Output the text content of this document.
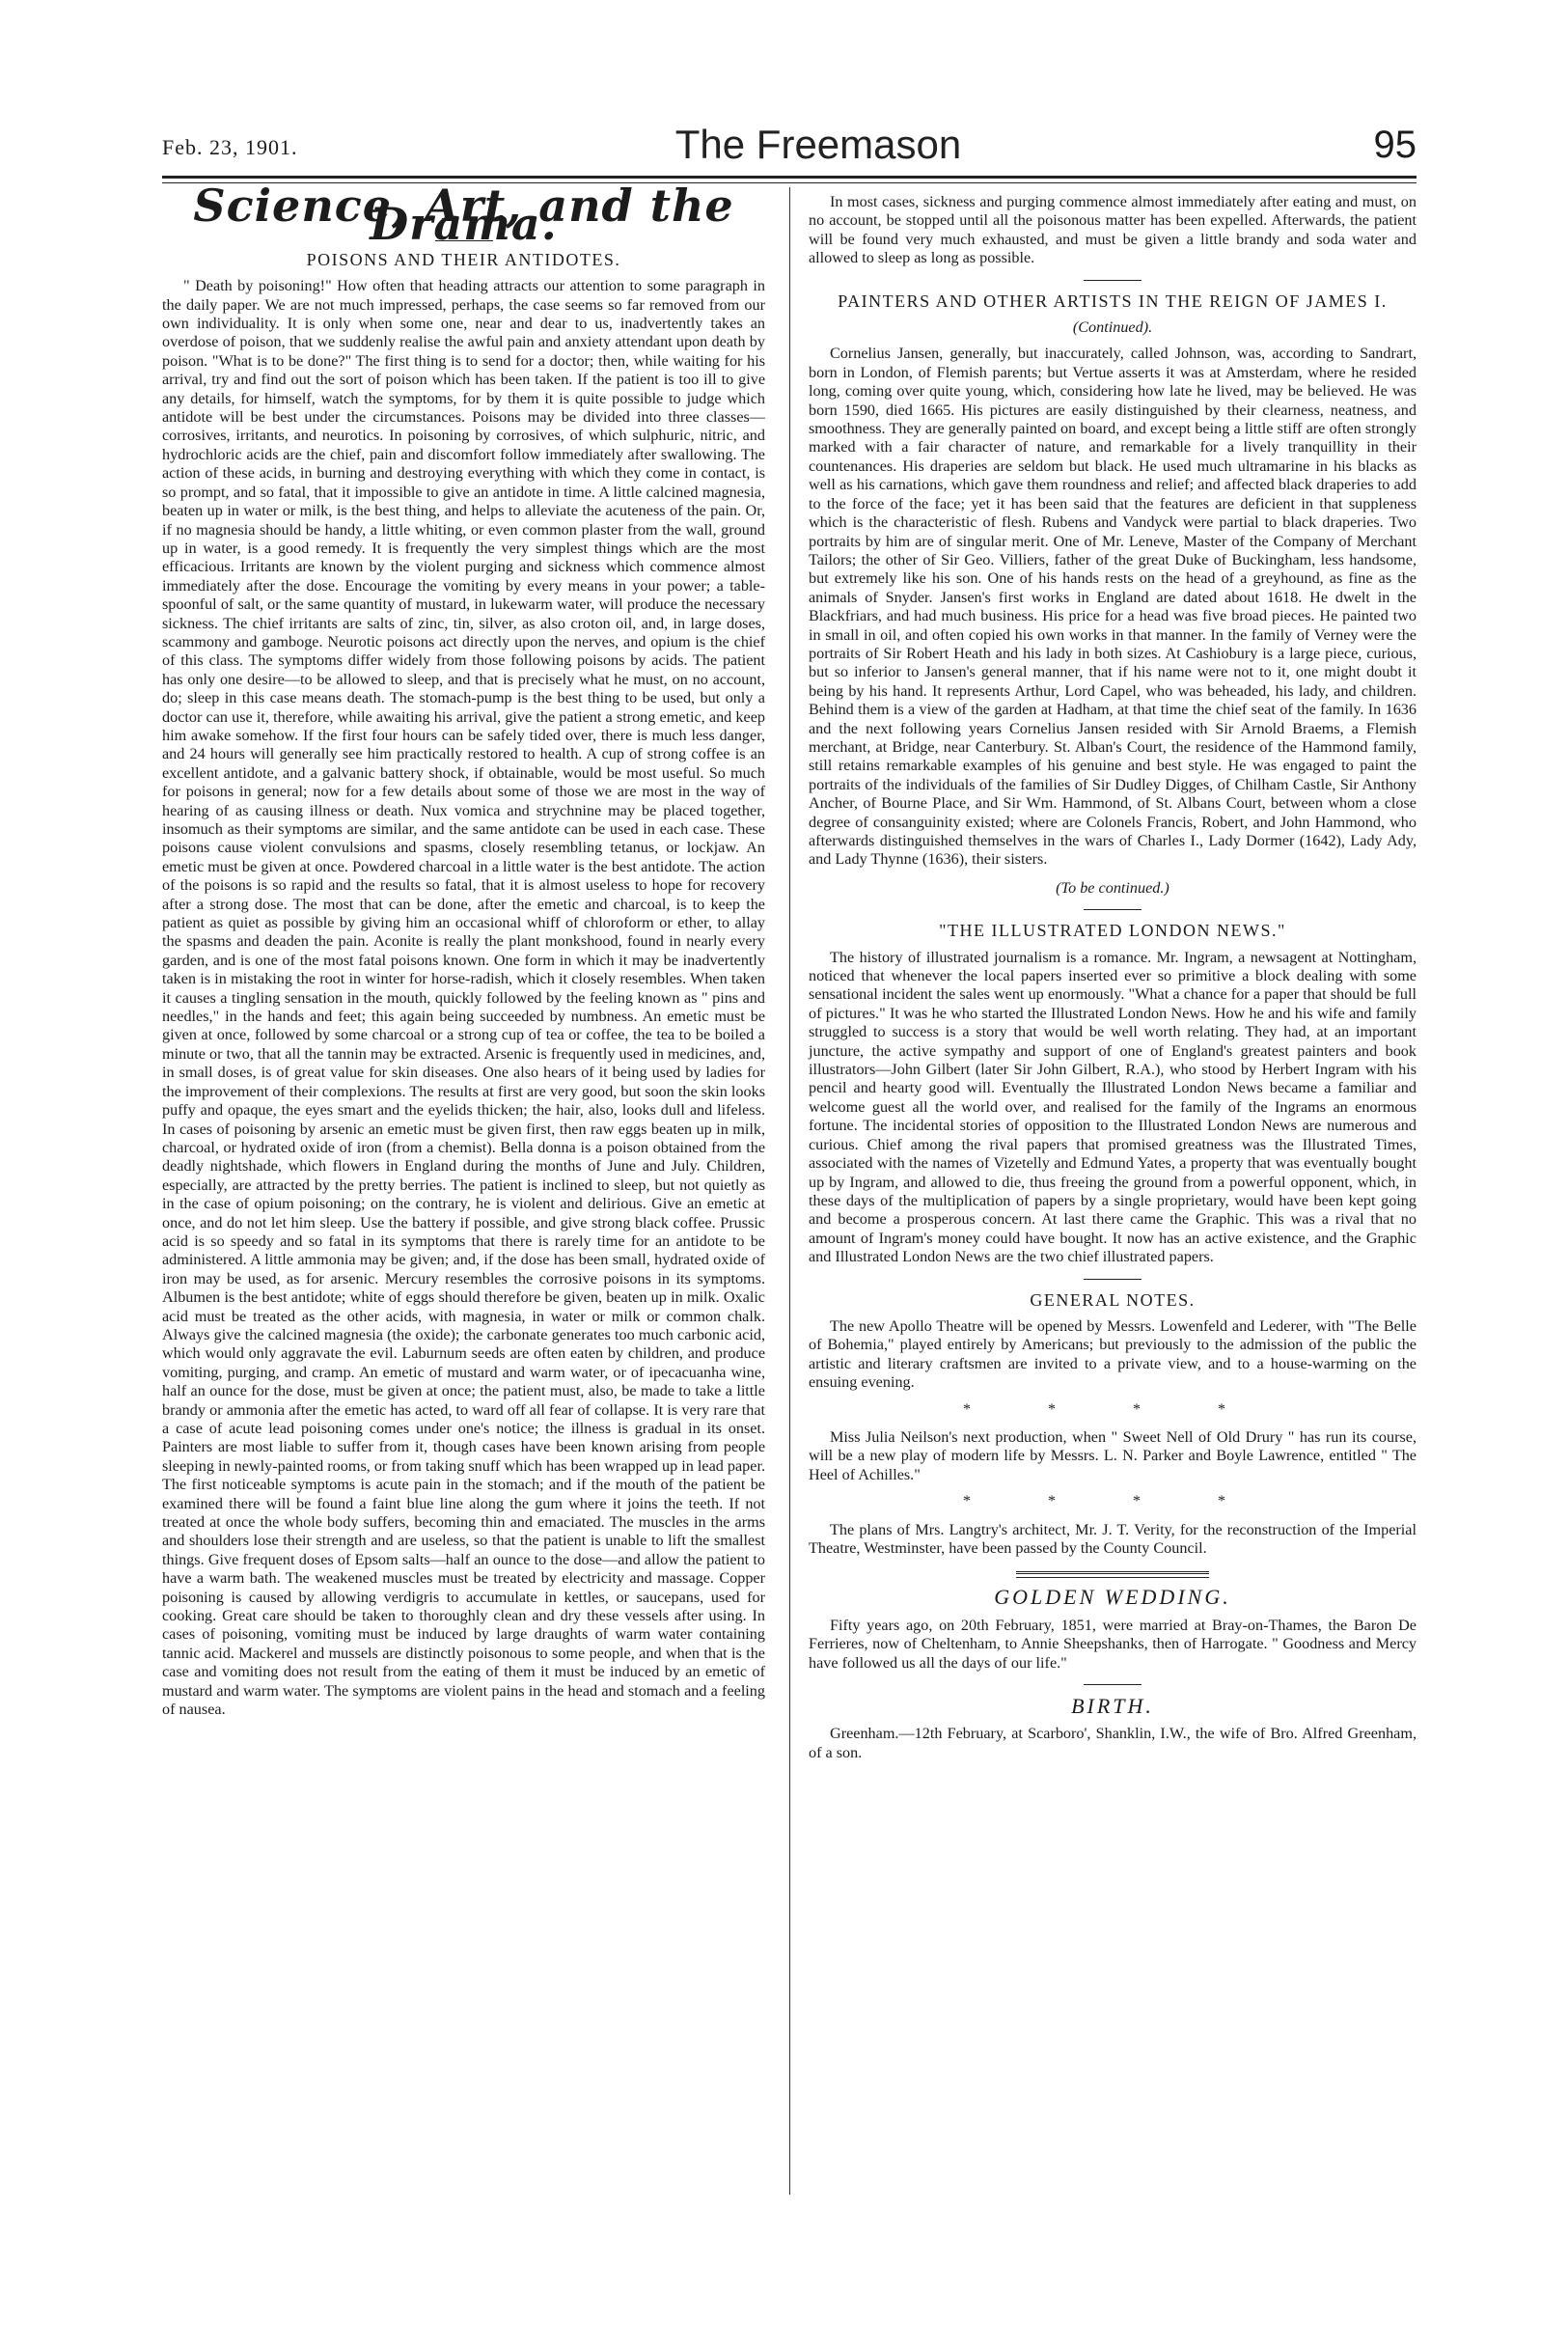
Feb. 23, 1901.	The Freemason	95
Science, Art, and the Drama.
POISONS AND THEIR ANTIDOTES.

" Death by poisoning!" How often that heading attracts our attention to some paragraph in the daily paper. We are not much impressed, perhaps, the case seems so far removed from our own individuality. It is only when some one, near and dear to us, inadvertently takes an overdose of poison, that we suddenly realise the awful pain and anxiety attendant upon death by poison. "What is to be done?" The first thing is to send for a doctor; then, while waiting for his arrival, try and find out the sort of poison which has been taken. If the patient is too ill to give any details, for himself, watch the symptoms, for by them it is quite possible to judge which antidote will be best under the circumstances. Poisons may be divided into three classes—corrosives, irritants, and neurotics. In poisoning by corrosives, of which sulphuric, nitric, and hydrochloric acids are the chief, pain and discomfort follow immediately after swallowing. The action of these acids, in burning and destroying everything with which they come in contact, is so prompt, and so fatal, that it impossible to give an antidote in time. A little calcined magnesia, beaten up in water or milk, is the best thing, and helps to alleviate the acuteness of the pain. Or, if no magnesia should be handy, a little whiting, or even common plaster from the wall, ground up in water, is a good remedy. It is frequently the very simplest things which are the most efficacious. Irritants are known by the violent purging and sickness which commence almost immediately after the dose. Encourage the vomiting by every means in your power; a table-spoonful of salt, or the same quantity of mustard, in lukewarm water, will produce the necessary sickness. The chief irritants are salts of zinc, tin, silver, as also croton oil, and, in large doses, scammony and gamboge. Neurotic poisons act directly upon the nerves, and opium is the chief of this class. The symptoms differ widely from those following poisons by acids. The patient has only one desire—to be allowed to sleep, and that is precisely what he must, on no account, do; sleep in this case means death. The stomach-pump is the best thing to be used, but only a doctor can use it, therefore, while awaiting his arrival, give the patient a strong emetic, and keep him awake somehow. If the first four hours can be safely tided over, there is much less danger, and 24 hours will generally see him practically restored to health. A cup of strong coffee is an excellent antidote, and a galvanic battery shock, if obtainable, would be most useful. So much for poisons in general; now for a few details about some of those we are most in the way of hearing of as causing illness or death. Nux vomica and strychnine may be placed together, insomuch as their symptoms are similar, and the same antidote can be used in each case. These poisons cause violent convulsions and spasms, closely resembling tetanus, or lockjaw. An emetic must be given at once. Powdered charcoal in a little water is the best antidote. The action of the poisons is so rapid and the results so fatal, that it is almost useless to hope for recovery after a strong dose. The most that can be done, after the emetic and charcoal, is to keep the patient as quiet as possible by giving him an occasional whiff of chloroform or ether, to allay the spasms and deaden the pain. Aconite is really the plant monkshood, found in nearly every garden, and is one of the most fatal poisons known. One form in which it may be inadvertently taken is in mistaking the root in winter for horse-radish, which it closely resembles. When taken it causes a tingling sensation in the mouth, quickly followed by the feeling known as " pins and needles," in the hands and feet; this again being succeeded by numbness. An emetic must be given at once, followed by some charcoal or a strong cup of tea or coffee, the tea to be boiled a minute or two, that all the tannin may be extracted. Arsenic is frequently used in medicines, and, in small doses, is of great value for skin diseases. One also hears of it being used by ladies for the improvement of their complexions. The results at first are very good, but soon the skin looks puffy and opaque, the eyes smart and the eyelids thicken; the hair, also, looks dull and lifeless. In cases of poisoning by arsenic an emetic must be given first, then raw eggs beaten up in milk, charcoal, or hydrated oxide of iron (from a chemist). Bella donna is a poison obtained from the deadly nightshade, which flowers in England during the months of June and July. Children, especially, are attracted by the pretty berries. The patient is inclined to sleep, but not quietly as in the case of opium poisoning; on the contrary, he is violent and delirious. Give an emetic at once, and do not let him sleep. Use the battery if possible, and give strong black coffee. Prussic acid is so speedy and so fatal in its symptoms that there is rarely time for an antidote to be administered. A little ammonia may be given; and, if the dose has been small, hydrated oxide of iron may be used, as for arsenic. Mercury resembles the corrosive poisons in its symptoms. Albumen is the best antidote; white of eggs should therefore be given, beaten up in milk. Oxalic acid must be treated as the other acids, with magnesia, in water or milk or common chalk. Always give the calcined magnesia (the oxide); the carbonate generates too much carbonic acid, which would only aggravate the evil. Laburnum seeds are often eaten by children, and produce vomiting, purging, and cramp. An emetic of mustard and warm water, or of ipecacuanha wine, half an ounce for the dose, must be given at once; the patient must, also, be made to take a little brandy or ammonia after the emetic has acted, to ward off all fear of collapse. It is very rare that a case of acute lead poisoning comes under one's notice; the illness is gradual in its onset. Painters are most liable to suffer from it, though cases have been known arising from people sleeping in newly-painted rooms, or from taking snuff which has been wrapped up in lead paper. The first noticeable symptoms is acute pain in the stomach; and if the mouth of the patient be examined there will be found a faint blue line along the gum where it joins the teeth. If not treated at once the whole body suffers, becoming thin and emaciated. The muscles in the arms and shoulders lose their strength and are useless, so that the patient is unable to lift the smallest things. Give frequent doses of Epsom salts—half an ounce to the dose—and allow the patient to have a warm bath. The weakened muscles must be treated by electricity and massage. Copper poisoning is caused by allowing verdigris to accumulate in kettles, or saucepans, used for cooking. Great care should be taken to thoroughly clean and dry these vessels after using. In cases of poisoning, vomiting must be induced by large draughts of warm water containing tannic acid. Mackerel and mussels are distinctly poisonous to some people, and when that is the case and vomiting does not result from the eating of them it must be induced by an emetic of mustard and warm water. The symptoms are violent pains in the head and stomach and a feeling of nausea.

In most cases, sickness and purging commence almost immediately after eating and must, on no account, be stopped until all the poisonous matter has been expelled. Afterwards, the patient will be found very much exhausted, and must be given a little brandy and soda water and allowed to sleep as long as possible.

PAINTERS AND OTHER ARTISTS IN THE REIGN OF JAMES I.
(Continued).

Cornelius Jansen, generally, but inaccurately, called Johnson, was, according to Sandrart, born in London, of Flemish parents; but Vertue asserts it was at Amsterdam, where he resided long, coming over quite young, which, considering how late he lived, may be believed. He was born 1590, died 1665. His pictures are easily distinguished by their clearness, neatness, and smoothness. They are generally painted on board, and except being a little stiff are often strongly marked with a fair character of nature, and remarkable for a lively tranquillity in their countenances. His draperies are seldom but black. He used much ultramarine in his blacks as well as his carnations, which gave them roundness and relief; and affected black draperies to add to the force of the face; yet it has been said that the features are deficient in that suppleness which is the characteristic of flesh. Rubens and Vandyck were partial to black draperies. Two portraits by him are of singular merit. One of Mr. Leneve, Master of the Company of Merchant Tailors; the other of Sir Geo. Villiers, father of the great Duke of Buckingham, less handsome, but extremely like his son. One of his hands rests on the head of a greyhound, as fine as the animals of Snyder. Jansen's first works in England are dated about 1618. He dwelt in the Blackfriars, and had much business. His price for a head was five broad pieces. He painted two in small in oil, and often copied his own works in that manner. In the family of Verney were the portraits of Sir Robert Heath and his lady in both sizes. At Cashiobury is a large piece, curious, but so inferior to Jansen's general manner, that if his name were not to it, one might doubt it being by his hand. It represents Arthur, Lord Capel, who was beheaded, his lady, and children. Behind them is a view of the garden at Hadham, at that time the chief seat of the family. In 1636 and the next following years Cornelius Jansen resided with Sir Arnold Braems, a Flemish merchant, at Bridge, near Canterbury. St. Alban's Court, the residence of the Hammond family, still retains remarkable examples of his genuine and best style. He was engaged to paint the portraits of the individuals of the families of Sir Dudley Digges, of Chilham Castle, Sir Anthony Ancher, of Bourne Place, and Sir Wm. Hammond, of St. Albans Court, between whom a close degree of consanguinity existed; where are Colonels Francis, Robert, and John Hammond, who afterwards distinguished themselves in the wars of Charles I., Lady Dormer (1642), Lady Ady, and Lady Thynne (1636), their sisters.

(To be continued.)
"THE ILLUSTRATED LONDON NEWS."

The history of illustrated journalism is a romance. Mr. Ingram, a newsagent at Nottingham, noticed that whenever the local papers inserted ever so primitive a block dealing with some sensational incident the sales went up enormously. "What a chance for a paper that should be full of pictures." It was he who started the Illustrated London News. How he and his wife and family struggled to success is a story that would be well worth relating. They had, at an important juncture, the active sympathy and support of one of England's greatest painters and book illustrators—John Gilbert (later Sir John Gilbert, R.A.), who stood by Herbert Ingram with his pencil and hearty good will. Eventually the Illustrated London News became a familiar and welcome guest all the world over, and realised for the family of the Ingrams an enormous fortune. The incidental stories of opposition to the Illustrated London News are numerous and curious. Chief among the rival papers that promised greatness was the Illustrated Times, associated with the names of Vizetelly and Edmund Yates, a property that was eventually bought up by Ingram, and allowed to die, thus freeing the ground from a powerful opponent, which, in these days of the multiplication of papers by a single proprietary, would have been kept going and become a prosperous concern. At last there came the Graphic. This was a rival that no amount of Ingram's money could have bought. It now has an active existence, and the Graphic and Illustrated London News are the two chief illustrated papers.

GENERAL NOTES.

The new Apollo Theatre will be opened by Messrs. Lowenfeld and Lederer, with "The Belle of Bohemia," played entirely by Americans; but previously to the admission of the public the artistic and literary craftsmen are invited to a private view, and to a house-warming on the ensuing evening.

* * * *

Miss Julia Neilson's next production, when " Sweet Nell of Old Drury " has run its course, will be a new play of modern life by Messrs. L. N. Parker and Boyle Lawrence, entitled " The Heel of Achilles."

* * * *

The plans of Mrs. Langtry's architect, Mr. J. T. Verity, for the reconstruction of the Imperial Theatre, Westminster, have been passed by the County Council.

GOLDEN WEDDING.

Fifty years ago, on 20th February, 1851, were married at Bray-on-Thames, the Baron De Ferrieres, now of Cheltenham, to Annie Sheepshanks, then of Harrogate. " Goodness and Mercy have followed us all the days of our life."

BIRTH.

Greenham.—12th February, at Scarboro', Shanklin, I.W., the wife of Bro. Alfred Greenham, of a son.
